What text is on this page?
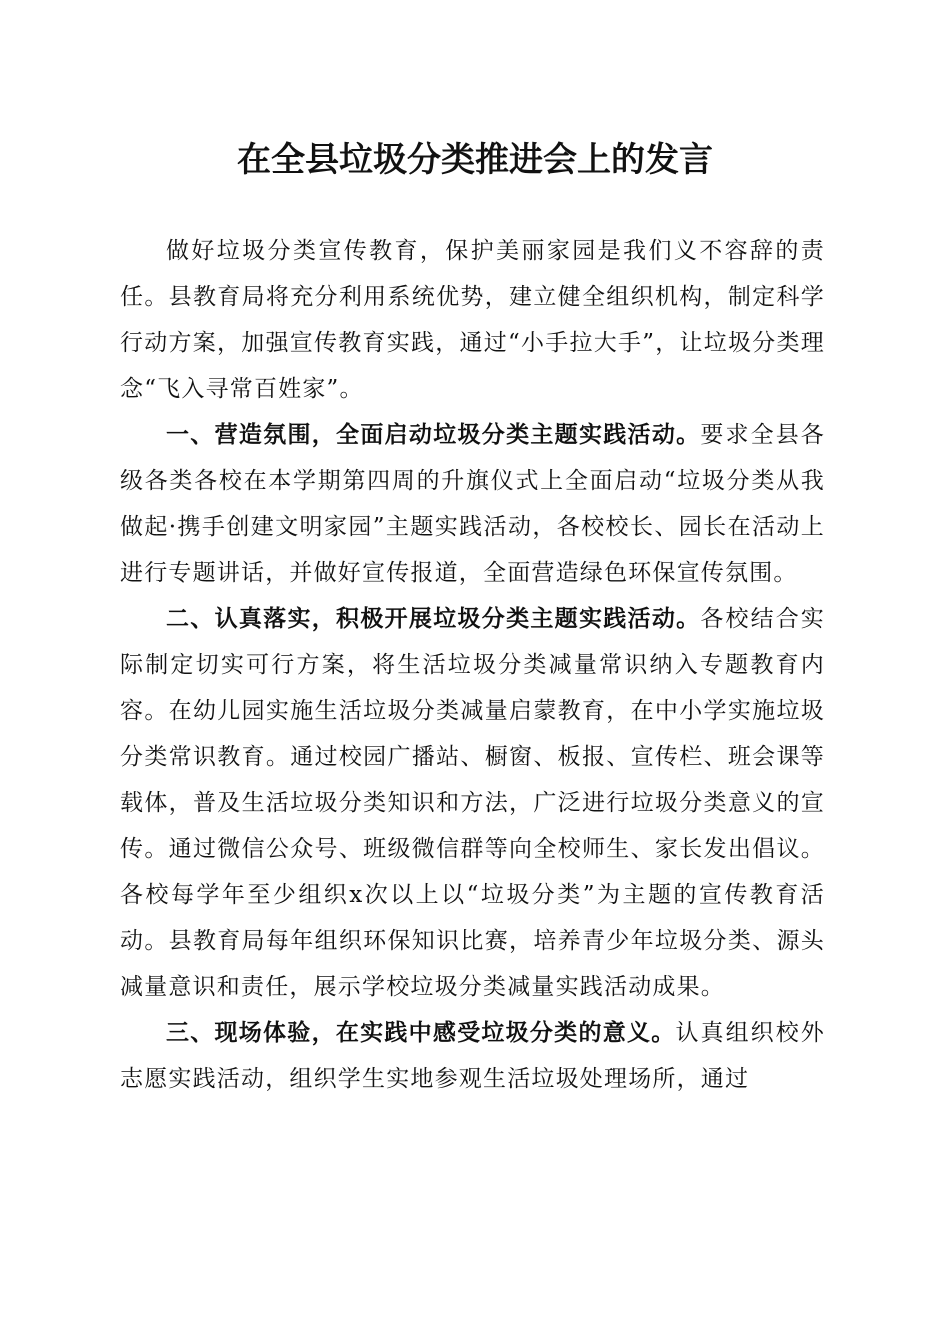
在全县垃圾分类推进会上的发言

做好垃圾分类宣传教育，保护美丽家园是我们义不容辞的责任。县教育局将充分利用系统优势，建立健全组织机构，制定科学行动方案，加强宣传教育实践，通过“小手拉大手”，让垃圾分类理念“飞入寻常百姓家”。

一、营造氛围，全面启动垃圾分类主题实践活动。要求全县各级各类各校在本学期第四周的升旗仪式上全面启动“垃圾分类从我做起·携手创建文明家园”主题实践活动，各校校长、园长在活动上进行专题讲话，并做好宣传报道，全面营造绿色环保宣传氛围。

二、认真落实，积极开展垃圾分类主题实践活动。各校结合实际制定切实可行方案，将生活垃圾分类减量常识纳入专题教育内容。在幼儿园实施生活垃圾分类减量启蒙教育，在中小学实施垃圾分类常识教育。通过校园广播站、橱窗、板报、宣传栏、班会课等载体，普及生活垃圾分类知识和方法，广泛进行垃圾分类意义的宣传。通过微信公众号、班级微信群等向全校师生、家长发出倡议。各校每学年至少组织x次以上以“垃圾分类”为主题的宣传教育活动。县教育局每年组织环保知识比赛，培养青少年垃圾分类、源头减量意识和责任，展示学校垃圾分类减量实践活动成果。

三、现场体验，在实践中感受垃圾分类的意义。认真组织校外志愿实践活动，组织学生实地参观生活垃圾处理场所，通过
